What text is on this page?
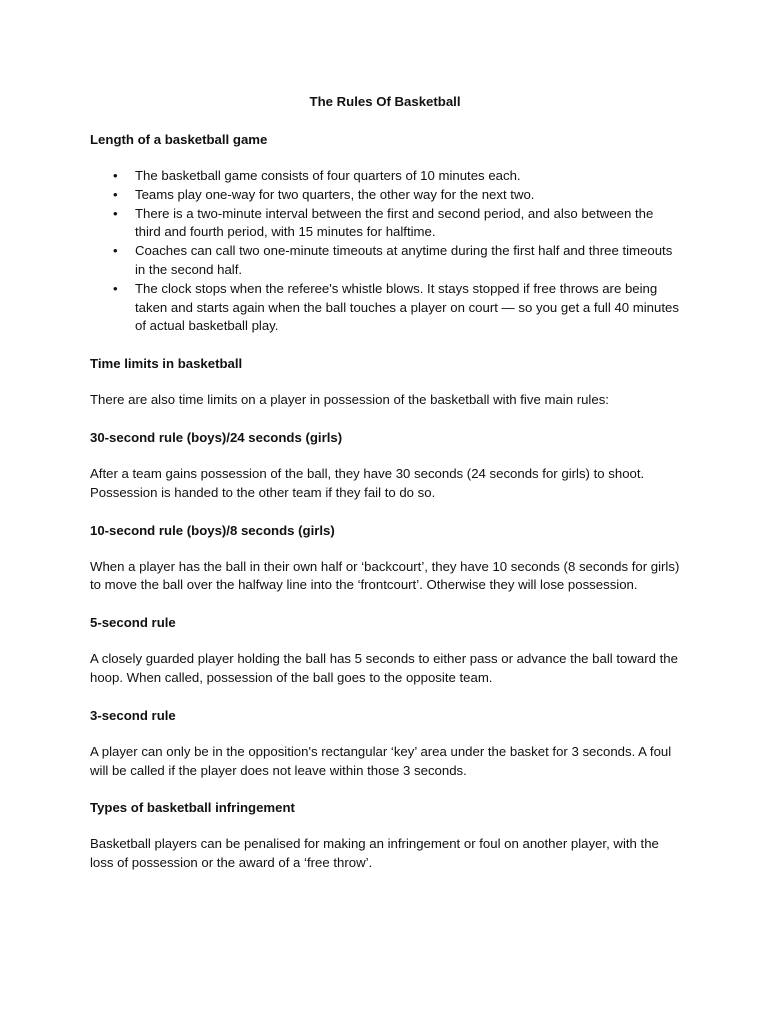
The Rules Of Basketball
Length of a basketball game
• The basketball game consists of four quarters of 10 minutes each.
• Teams play one-way for two quarters, the other way for the next two.
• There is a two-minute interval between the first and second period, and also between the third and fourth period, with 15 minutes for halftime.
• Coaches can call two one-minute timeouts at anytime during the first half and three timeouts in the second half.
• The clock stops when the referee's whistle blows. It stays stopped if free throws are being taken and starts again when the ball touches a player on court — so you get a full 40 minutes of actual basketball play.
Time limits in basketball

There are also time limits on a player in possession of the basketball with five main rules:

30-second rule (boys)/24 seconds (girls)

After a team gains possession of the ball, they have 30 seconds (24 seconds for girls) to shoot. Possession is handed to the other team if they fail to do so.

10-second rule (boys)/8 seconds (girls)

When a player has the ball in their own half or ‘backcourt’, they have 10 seconds (8 seconds for girls) to move the ball over the halfway line into the ‘frontcourt’. Otherwise they will lose possession.

5-second rule

A closely guarded player holding the ball has 5 seconds to either pass or advance the ball toward the hoop. When called, possession of the ball goes to the opposite team.

3-second rule

A player can only be in the opposition's rectangular ‘key’ area under the basket for 3 seconds. A foul will be called if the player does not leave within those 3 seconds.

Types of basketball infringement

Basketball players can be penalised for making an infringement or foul on another player, with the loss of possession or the award of a ‘free throw’.
